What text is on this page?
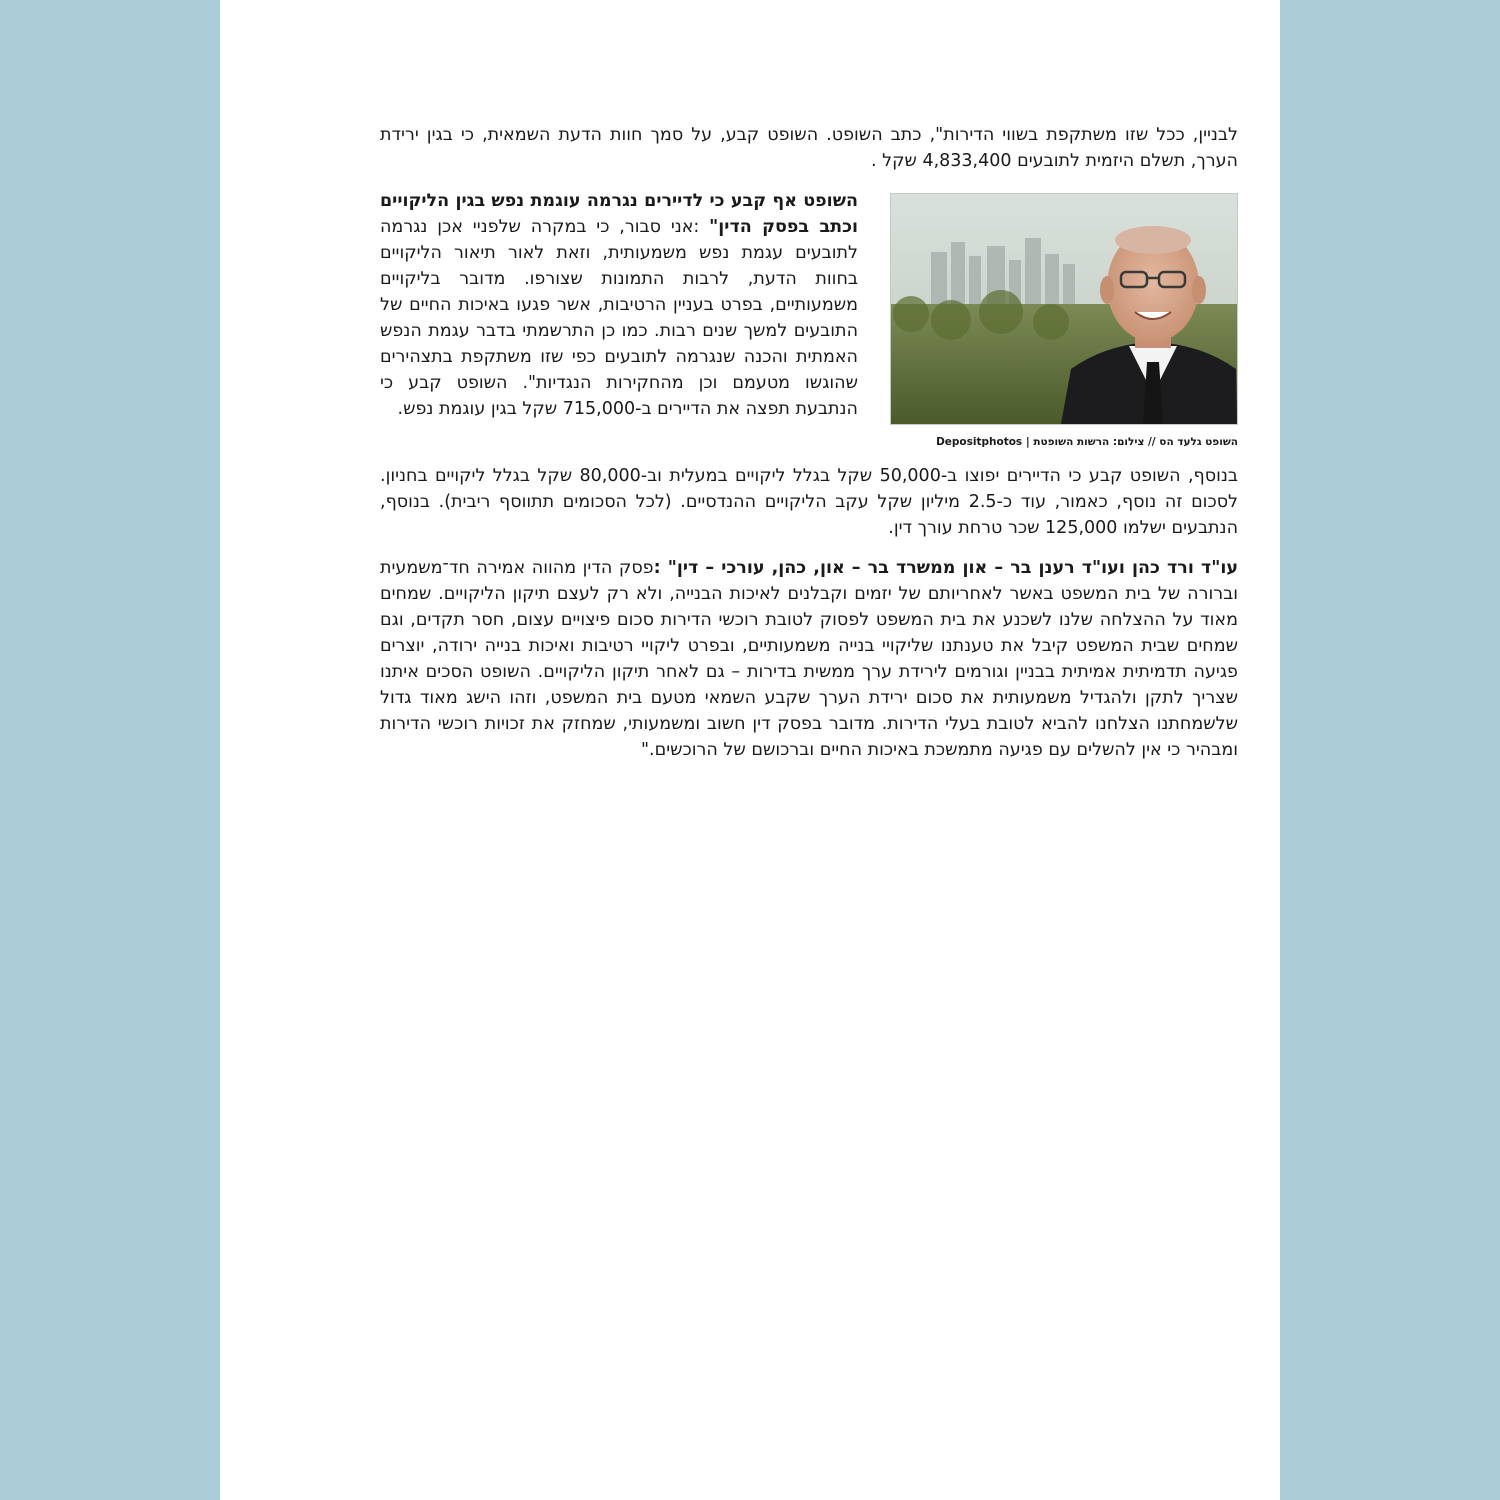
לבניין, ככל שזו משתקפת בשווי הדירות", כתב השופט. השופט קבע, על סמך חוות הדעת השמאית, כי בגין ירידת הערך, תשלם היזמית לתובעים 4,833,400 שקל .

השופט גלעד הס // צילום: הרשות השופטת | Depositphotos
השופט אף קבע כי לדיירים נגרמה עוגמת נפש בגין הליקויים וכתב בפסק הדין" :אני סבור, כי במקרה שלפניי אכן נגרמה לתובעים עגמת נפש משמעותית, וזאת לאור תיאור הליקויים בחוות הדעת, לרבות התמונות שצורפו. מדובר בליקויים משמעותיים, בפרט בעניין הרטיבות, אשר פגעו באיכות החיים של התובעים למשך שנים רבות. כמו כן התרשמתי בדבר עגמת הנפש האמתית והכנה שנגרמה לתובעים כפי שזו משתקפת בתצהירים שהוגשו מטעמם וכן מהחקירות הנגדיות". השופט קבע כי הנתבעת תפצה את הדיירים ב-715,000 שקל בגין עוגמת נפש.

בנוסף, השופט קבע כי הדיירים יפוצו ב-50,000 שקל בגלל ליקויים במעלית וב-80,000 שקל בגלל ליקויים בחניון. לסכום זה נוסף, כאמור, עוד כ-2.5 מיליון שקל עקב הליקויים ההנדסיים. (לכל הסכומים תתווסף ריבית). בנוסף, הנתבעים ישלמו 125,000 שכר טרחת עורך דין.

עו"ד ורד כהן ועו"ד רענן בר – און ממשרד בר – און, כהן, עורכי – דין" :פסק הדין מהווה אמירה חד־משמעית וברורה של בית המשפט באשר לאחריותם של יזמים וקבלנים לאיכות הבנייה, ולא רק לעצם תיקון הליקויים. שמחים מאוד על ההצלחה שלנו לשכנע את בית המשפט לפסוק לטובת רוכשי הדירות סכום פיצויים עצום, חסר תקדים, וגם שמחים שבית המשפט קיבל את טענתנו שליקויי בנייה משמעותיים, ובפרט ליקויי רטיבות ואיכות בנייה ירודה, יוצרים פגיעה תדמיתית אמיתית בבניין וגורמים לירידת ערך ממשית בדירות – גם לאחר תיקון הליקויים. השופט הסכים איתנו שצריך לתקן ולהגדיל משמעותית את סכום ירידת הערך שקבע השמאי מטעם בית המשפט, וזהו הישג מאוד גדול שלשמחתנו הצלחנו להביא לטובת בעלי הדירות. מדובר בפסק דין חשוב ומשמעותי, שמחזק את זכויות רוכשי הדירות ומבהיר כי אין להשלים עם פגיעה מתמשכת באיכות החיים וברכושם של הרוכשים."
